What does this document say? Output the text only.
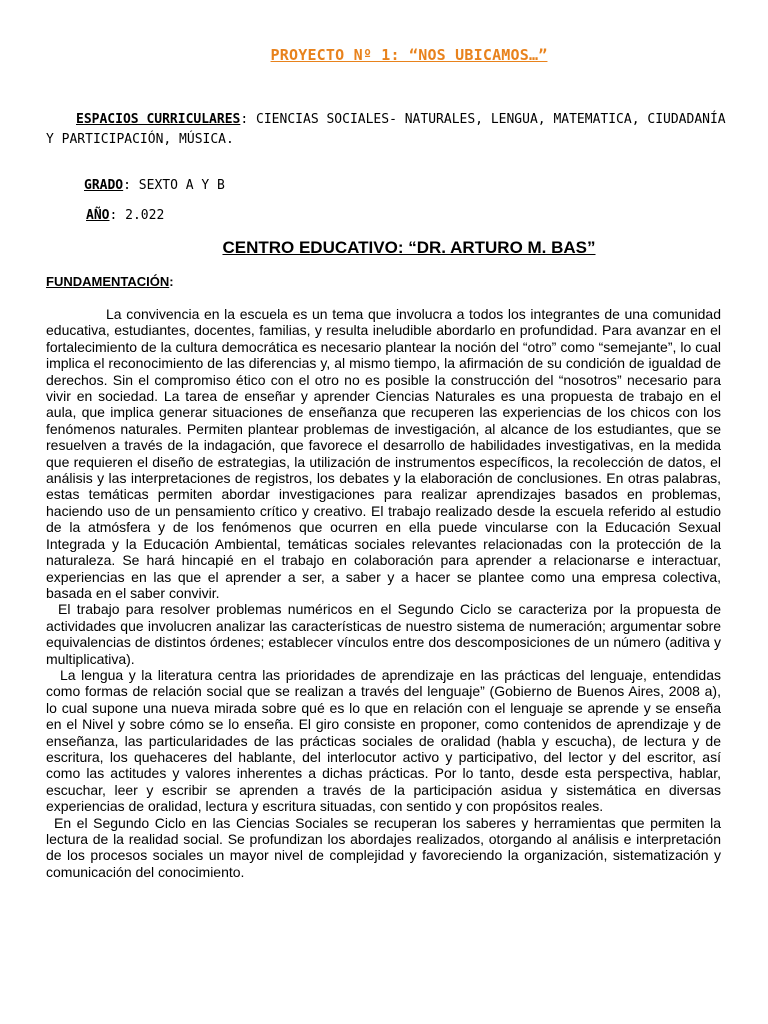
PROYECTO Nº 1: “NOS UBICAMOS…”
ESPACIOS CURRICULARES: CIENCIAS SOCIALES- NATURALES, LENGUA, MATEMATICA, CIUDADANÍA Y PARTICIPACIÓN, MÚSICA.
GRADO: SEXTO A Y B
AÑO: 2.022
CENTRO EDUCATIVO: “DR. ARTURO M. BAS”
FUNDAMENTACIÓN:

La convivencia en la escuela es un tema que involucra a todos los integrantes de una comunidad educativa, estudiantes, docentes, familias, y resulta ineludible abordarlo en profundidad. Para avanzar en el fortalecimiento de la cultura democrática es necesario plantear la noción del “otro” como “semejante”, lo cual implica el reconocimiento de las diferencias y, al mismo tiempo, la afirmación de su condición de igualdad de derechos. Sin el compromiso ético con el otro no es posible la construcción del “nosotros” necesario para vivir en sociedad. La tarea de enseñar y aprender Ciencias Naturales es una propuesta de trabajo en el aula, que implica generar situaciones de enseñanza que recuperen las experiencias de los chicos con los fenómenos naturales. Permiten plantear problemas de investigación, al alcance de los estudiantes, que se resuelven a través de la indagación, que favorece el desarrollo de habilidades investigativas, en la medida que requieren el diseño de estrategias, la utilización de instrumentos específicos, la recolección de datos, el análisis y las interpretaciones de registros, los debates y la elaboración de conclusiones. En otras palabras, estas temáticas permiten abordar investigaciones para realizar aprendizajes basados en problemas, haciendo uso de un pensamiento crítico y creativo. El trabajo realizado desde la escuela referido al estudio de la atmósfera y de los fenómenos que ocurren en ella puede vincularse con la Educación Sexual Integrada y la Educación Ambiental, temáticas sociales relevantes relacionadas con la protección de la naturaleza. Se hará hincapié en el trabajo en colaboración para aprender a relacionarse e interactuar, experiencias en las que el aprender a ser, a saber y a hacer se plantee como una empresa colectiva, basada en el saber convivir.

El trabajo para resolver problemas numéricos en el Segundo Ciclo se caracteriza por la propuesta de actividades que involucren analizar las características de nuestro sistema de numeración; argumentar sobre equivalencias de distintos órdenes; establecer vínculos entre dos descomposiciones de un número (aditiva y multiplicativa).

La lengua y la literatura centra las prioridades de aprendizaje en las prácticas del lenguaje, entendidas como formas de relación social que se realizan a través del lenguaje” (Gobierno de Buenos Aires, 2008 a), lo cual supone una nueva mirada sobre qué es lo que en relación con el lenguaje se aprende y se enseña en el Nivel y sobre cómo se lo enseña. El giro consiste en proponer, como contenidos de aprendizaje y de enseñanza, las particularidades de las prácticas sociales de oralidad (habla y escucha), de lectura y de escritura, los quehaceres del hablante, del interlocutor activo y participativo, del lector y del escritor, así como las actitudes y valores inherentes a dichas prácticas. Por lo tanto, desde esta perspectiva, hablar, escuchar, leer y escribir se aprenden a través de la participación asidua y sistemática en diversas experiencias de oralidad, lectura y escritura situadas, con sentido y con propósitos reales.

En el Segundo Ciclo en las Ciencias Sociales se recuperan los saberes y herramientas que permiten la lectura de la realidad social. Se profundizan los abordajes realizados, otorgando al análisis e interpretación de los procesos sociales un mayor nivel de complejidad y favoreciendo la organización, sistematización y comunicación del conocimiento.
